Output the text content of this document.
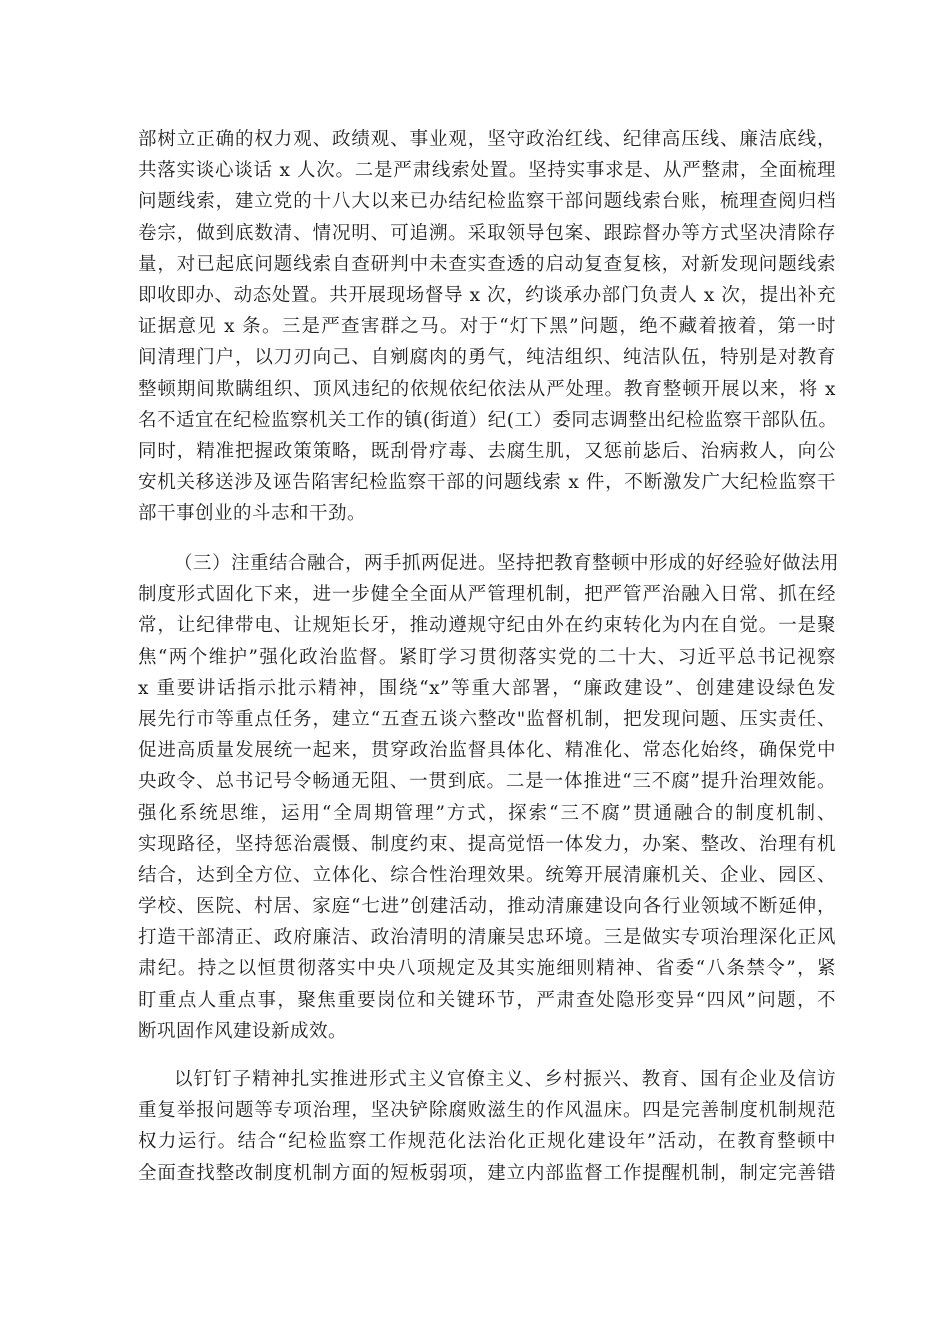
部树立正确的权力观、政绩观、事业观，坚守政治红线、纪律高压线、廉洁底线，
共落实谈心谈话 x 人次。二是严肃线索处置。坚持实事求是、从严整肃，全面梳理
问题线索，建立党的十八大以来已办结纪检监察干部问题线索台账，梳理查阅归档
卷宗，做到底数清、情况明、可追溯。采取领导包案、跟踪督办等方式坚决清除存
量，对已起底问题线索自查研判中未查实查透的启动复查复核，对新发现问题线索
即收即办、动态处置。共开展现场督导 x 次，约谈承办部门负责人 x 次，提出补充
证据意见 x 条。三是严查害群之马。对于“灯下黑”问题，绝不藏着掖着，第一时
间清理门户，以刀刃向己、自剜腐肉的勇气，纯洁组织、纯洁队伍，特别是对教育
整顿期间欺瞒组织、顶风违纪的依规依纪依法从严处理。教育整顿开展以来，将 x
名不适宜在纪检监察机关工作的镇(街道）纪(工）委同志调整出纪检监察干部队伍。
同时，精准把握政策策略，既刮骨疗毒、去腐生肌，又惩前毖后、治病救人，向公
安机关移送涉及诬告陷害纪检监察干部的问题线索 x 件，不断激发广大纪检监察干
部干事创业的斗志和干劲。
（三）注重结合融合，两手抓两促进。坚持把教育整顿中形成的好经验好做法用
制度形式固化下来，进一步健全全面从严管理机制，把严管严治融入日常、抓在经
常，让纪律带电、让规矩长牙，推动遵规守纪由外在约束转化为内在自觉。一是聚
焦“两个维护”强化政治监督。紧盯学习贯彻落实党的二十大、习近平总书记视察
x 重要讲话指示批示精神，围绕“x”等重大部署，“廉政建设”、创建建设绿色发
展先行市等重点任务，建立“五查五谈六整改"监督机制，把发现问题、压实责任、
促进高质量发展统一起来，贯穿政治监督具体化、精准化、常态化始终，确保党中
央政令、总书记号令畅通无阻、一贯到底。二是一体推进“三不腐”提升治理效能。
强化系统思维，运用“全周期管理”方式，探索“三不腐”贯通融合的制度机制、
实现路径，坚持惩治震慑、制度约束、提高觉悟一体发力，办案、整改、治理有机
结合，达到全方位、立体化、综合性治理效果。统筹开展清廉机关、企业、园区、
学校、医院、村居、家庭“七进”创建活动，推动清廉建设向各行业领域不断延伸，
打造干部清正、政府廉洁、政治清明的清廉吴忠环境。三是做实专项治理深化正风
肃纪。持之以恒贯彻落实中央八项规定及其实施细则精神、省委“八条禁令”，紧
盯重点人重点事，聚焦重要岗位和关键环节，严肃查处隐形变异“四风”问题，不
断巩固作风建设新成效。
以钉钉子精神扎实推进形式主义官僚主义、乡村振兴、教育、国有企业及信访
重复举报问题等专项治理，坚决铲除腐败滋生的作风温床。四是完善制度机制规范
权力运行。结合“纪检监察工作规范化法治化正规化建设年”活动，在教育整顿中
全面查找整改制度机制方面的短板弱项，建立内部监督工作提醒机制，制定完善错
